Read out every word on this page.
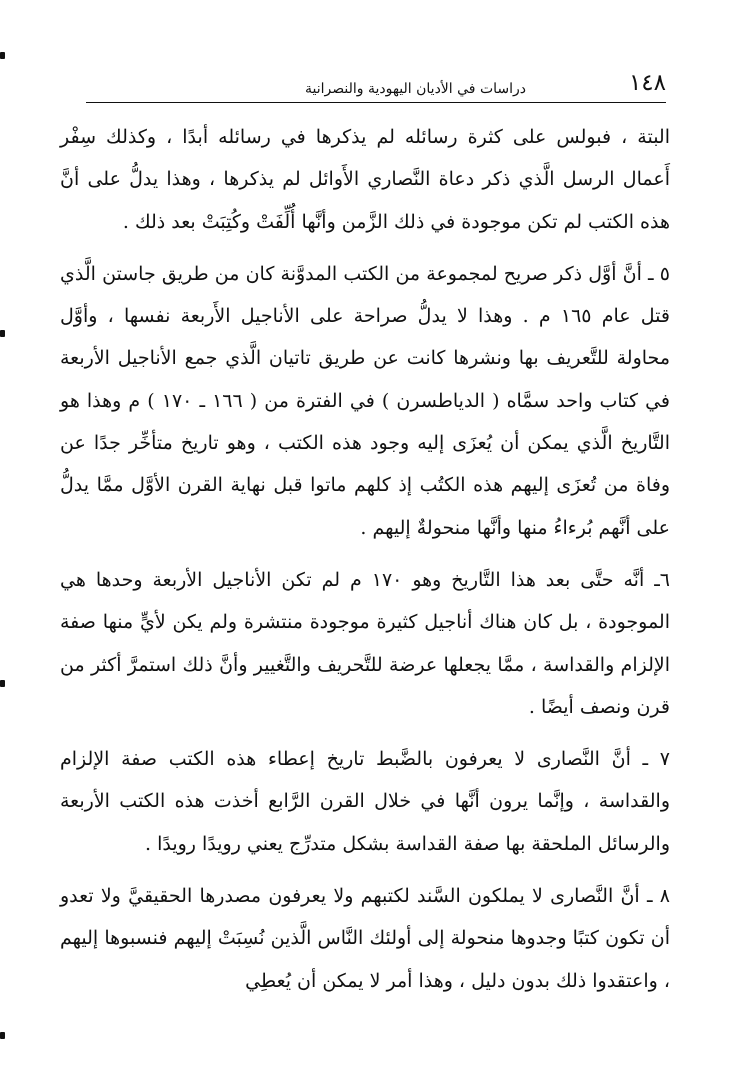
١٤٨
دراسات في الأديان اليهودية والنصرانية

البتة ، فبولس على كثرة رسائله لم يذكرها في رسائله أبدًا ، وكذلك سِفْر أَعمال الرسل الَّذي ذكر دعاة النَّصاري الأَوائل لم يذكرها ، وهذا يدلُّ على أنَّ هذه الكتب لم تكن موجودة في ذلك الزَّمن وأنَّها أُلِّفَتْ وكُتِبَتْ بعد ذلك .

٥ ـ أنَّ أوَّل ذكر صريح لمجموعة من الكتب المدوَّنة كان من طريق جاستن الَّذي قتل عام ١٦٥ م . وهذا لا يدلُّ صراحة على الأناجيل الأَربعة نفسها ، وأوَّل محاولة للتَّعريف بها ونشرها كانت عن طريق تاتيان الَّذي جمع الأناجيل الأربعة في كتاب واحد سمَّاه ( الدياطسرن ) في الفترة من ( ١٦٦ ـ ١٧٠ ) م وهذا هو التَّاريخ الَّذي يمكن أن يُعزَى إليه وجود هذه الكتب ، وهو تاريخ متأخِّر جدًا عن وفاة من تُعزَى إليهم هذه الكتُب إذ كلهم ماتوا قبل نهاية القرن الأوَّل ممَّا يدلُّ على أنَّهم بُرءاءُ منها وأنَّها منحولةٌ إليهم .

٦ـ أنَّه حتَّى بعد هذا التَّاريخ وهو ١٧٠ م لم تكن الأناجيل الأربعة وحدها هي الموجودة ، بل كان هناك أناجيل كثيرة موجودة منتشرة ولم يكن لأيٍّ منها صفة الإلزام والقداسة ، ممَّا يجعلها عرضة للتَّحريف والتَّغيير وأنَّ ذلك استمرَّ أكثر من قرن ونصف أيضًا .

٧ ـ أنَّ النَّصارى لا يعرفون بالضَّبط تاريخ إعطاء هذه الكتب صفة الإلزام والقداسة ، وإنَّما يرون أنَّها في خلال القرن الرَّابع أخذت هذه الكتب الأربعة والرسائل الملحقة بها صفة القداسة بشكل متدرِّج يعني رويدًا رويدًا .

٨ ـ أنَّ النَّصارى لا يملكون السَّند لكتبهم ولا يعرفون مصدرها الحقيقيَّ ولا تعدو أن تكون كتبًا وجدوها منحولة إلى أولئك النَّاس الَّذين نُسِبَتْ إليهم فنسبوها إليهم ، واعتقدوا ذلك بدون دليل ، وهذا أمر لا يمكن أن يُعطِي
